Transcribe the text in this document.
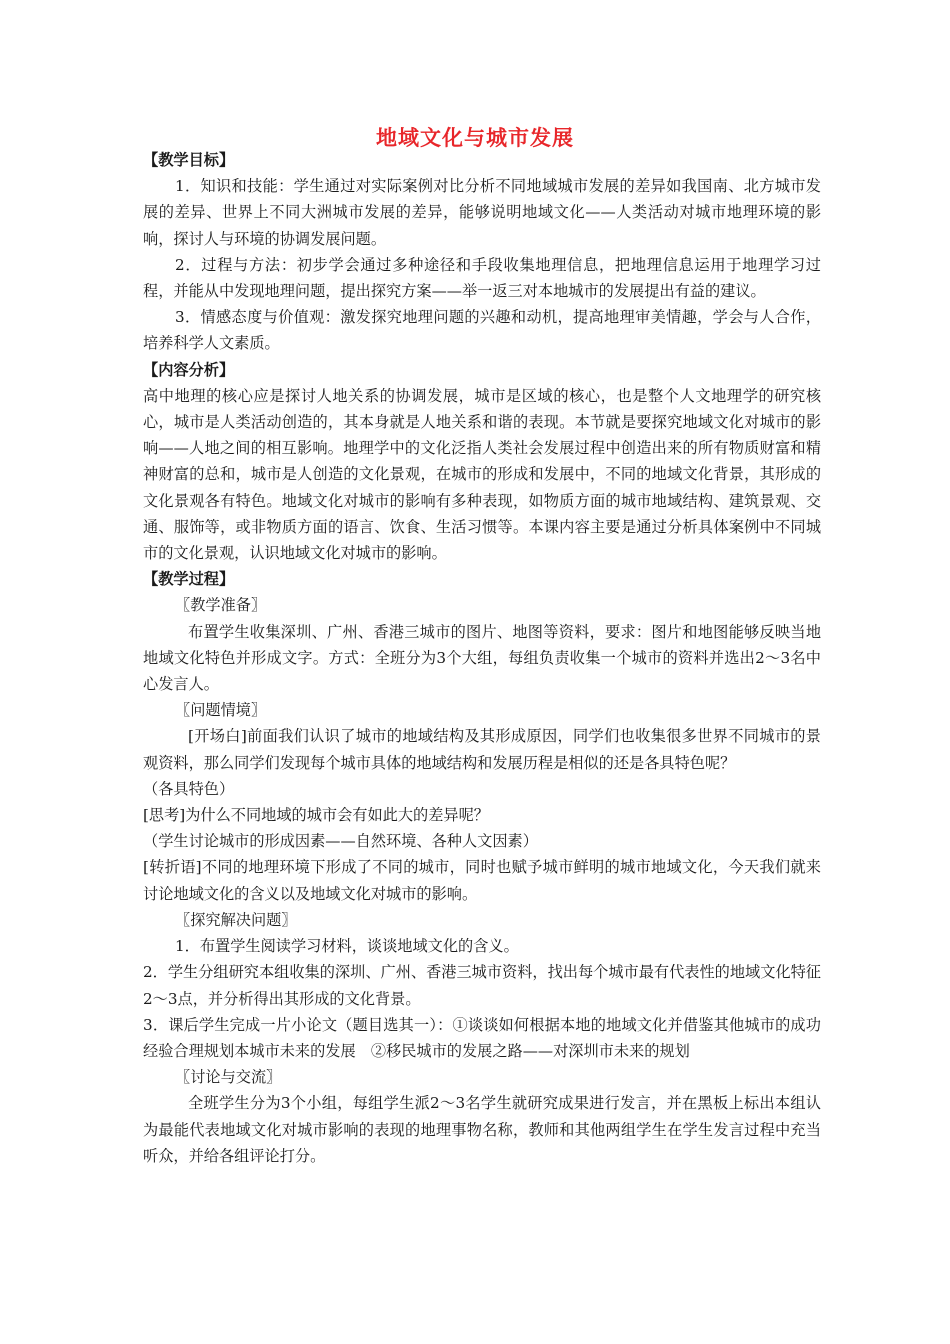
地域文化与城市发展

【教学目标】

1．知识和技能：学生通过对实际案例对比分析不同地域城市发展的差异如我国南、北方城市发展的差异、世界上不同大洲城市发展的差异，能够说明地域文化——人类活动对城市地理环境的影响，探讨人与环境的协调发展问题。

2．过程与方法：初步学会通过多种途径和手段收集地理信息，把地理信息运用于地理学习过程，并能从中发现地理问题，提出探究方案——举一返三对本地城市的发展提出有益的建议。

3．情感态度与价值观：激发探究地理问题的兴趣和动机，提高地理审美情趣，学会与人合作，培养科学人文素质。

【内容分析】

高中地理的核心应是探讨人地关系的协调发展，城市是区域的核心，也是整个人文地理学的研究核心，城市是人类活动创造的，其本身就是人地关系和谐的表现。本节就是要探究地域文化对城市的影响——人地之间的相互影响。地理学中的文化泛指人类社会发展过程中创造出来的所有物质财富和精神财富的总和，城市是人创造的文化景观，在城市的形成和发展中，不同的地域文化背景，其形成的文化景观各有特色。地域文化对城市的影响有多种表现，如物质方面的城市地域结构、建筑景观、交通、服饰等，或非物质方面的语言、饮食、生活习惯等。本课内容主要是通过分析具体案例中不同城市的文化景观，认识地域文化对城市的影响。

【教学过程】

〖教学准备〗

布置学生收集深圳、广州、香港三城市的图片、地图等资料，要求：图片和地图能够反映当地地域文化特色并形成文字。方式：全班分为3个大组，每组负责收集一个城市的资料并选出2～3名中心发言人。

〖问题情境〗

[开场白]前面我们认识了城市的地域结构及其形成原因，同学们也收集很多世界不同城市的景观资料，那么同学们发现每个城市具体的地域结构和发展历程是相似的还是各具特色呢？

（各具特色）

[思考]为什么不同地域的城市会有如此大的差异呢？

（学生讨论城市的形成因素——自然环境、各种人文因素）

[转折语]不同的地理环境下形成了不同的城市，同时也赋予城市鲜明的城市地域文化，今天我们就来讨论地域文化的含义以及地域文化对城市的影响。

〖探究解决问题〗

1．布置学生阅读学习材料，谈谈地域文化的含义。

2．学生分组研究本组收集的深圳、广州、香港三城市资料，找出每个城市最有代表性的地域文化特征2～3点，并分析得出其形成的文化背景。

3．课后学生完成一片小论文（题目选其一）：①谈谈如何根据本地的地域文化并借鉴其他城市的成功经验合理规划本城市未来的发展　②移民城市的发展之路——对深圳市未来的规划

〖讨论与交流〗

全班学生分为3个小组，每组学生派2～3名学生就研究成果进行发言，并在黑板上标出本组认为最能代表地域文化对城市影响的表现的地理事物名称，教师和其他两组学生在学生发言过程中充当听众，并给各组评论打分。
